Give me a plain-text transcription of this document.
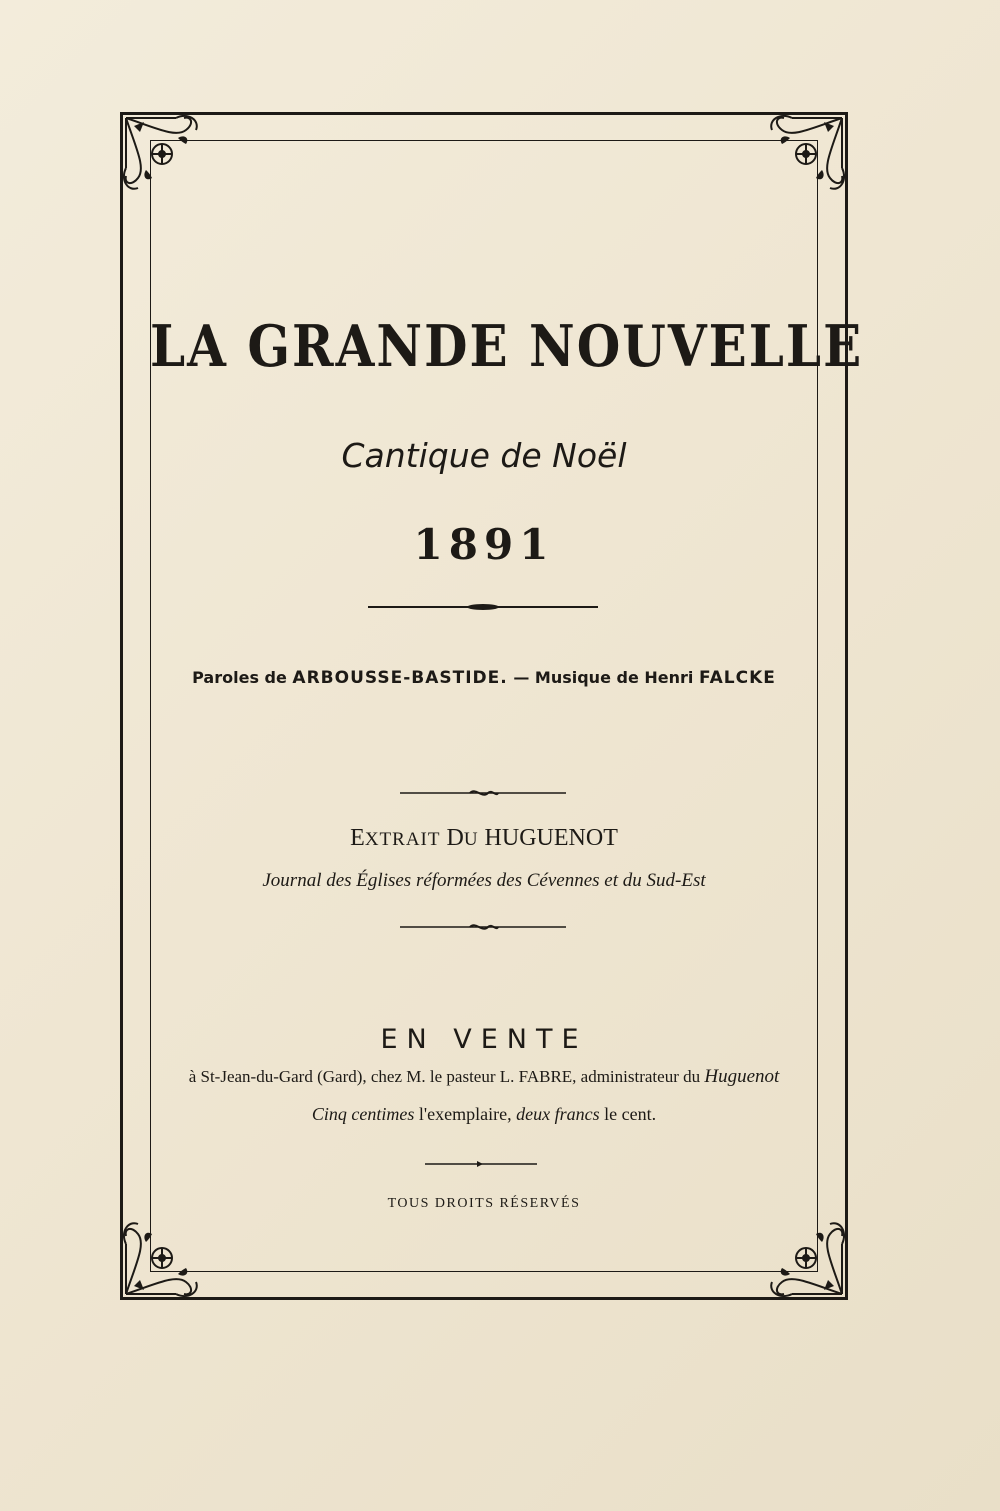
LA GRANDE NOUVELLE
Cantique de Noël
1891
Paroles de ARBOUSSE-BASTIDE. — Musique de Henri FALCKE
EXTRAIT DU HUGUENOT
Journal des Églises réformées des Cévennes et du Sud-Est
EN VENTE
à St-Jean-du-Gard (Gard), chez M. le pasteur L. FABRE, administrateur du Huguenot
Cinq centimes l'exemplaire, deux francs le cent.
TOUS DROITS RÉSERVÉS
